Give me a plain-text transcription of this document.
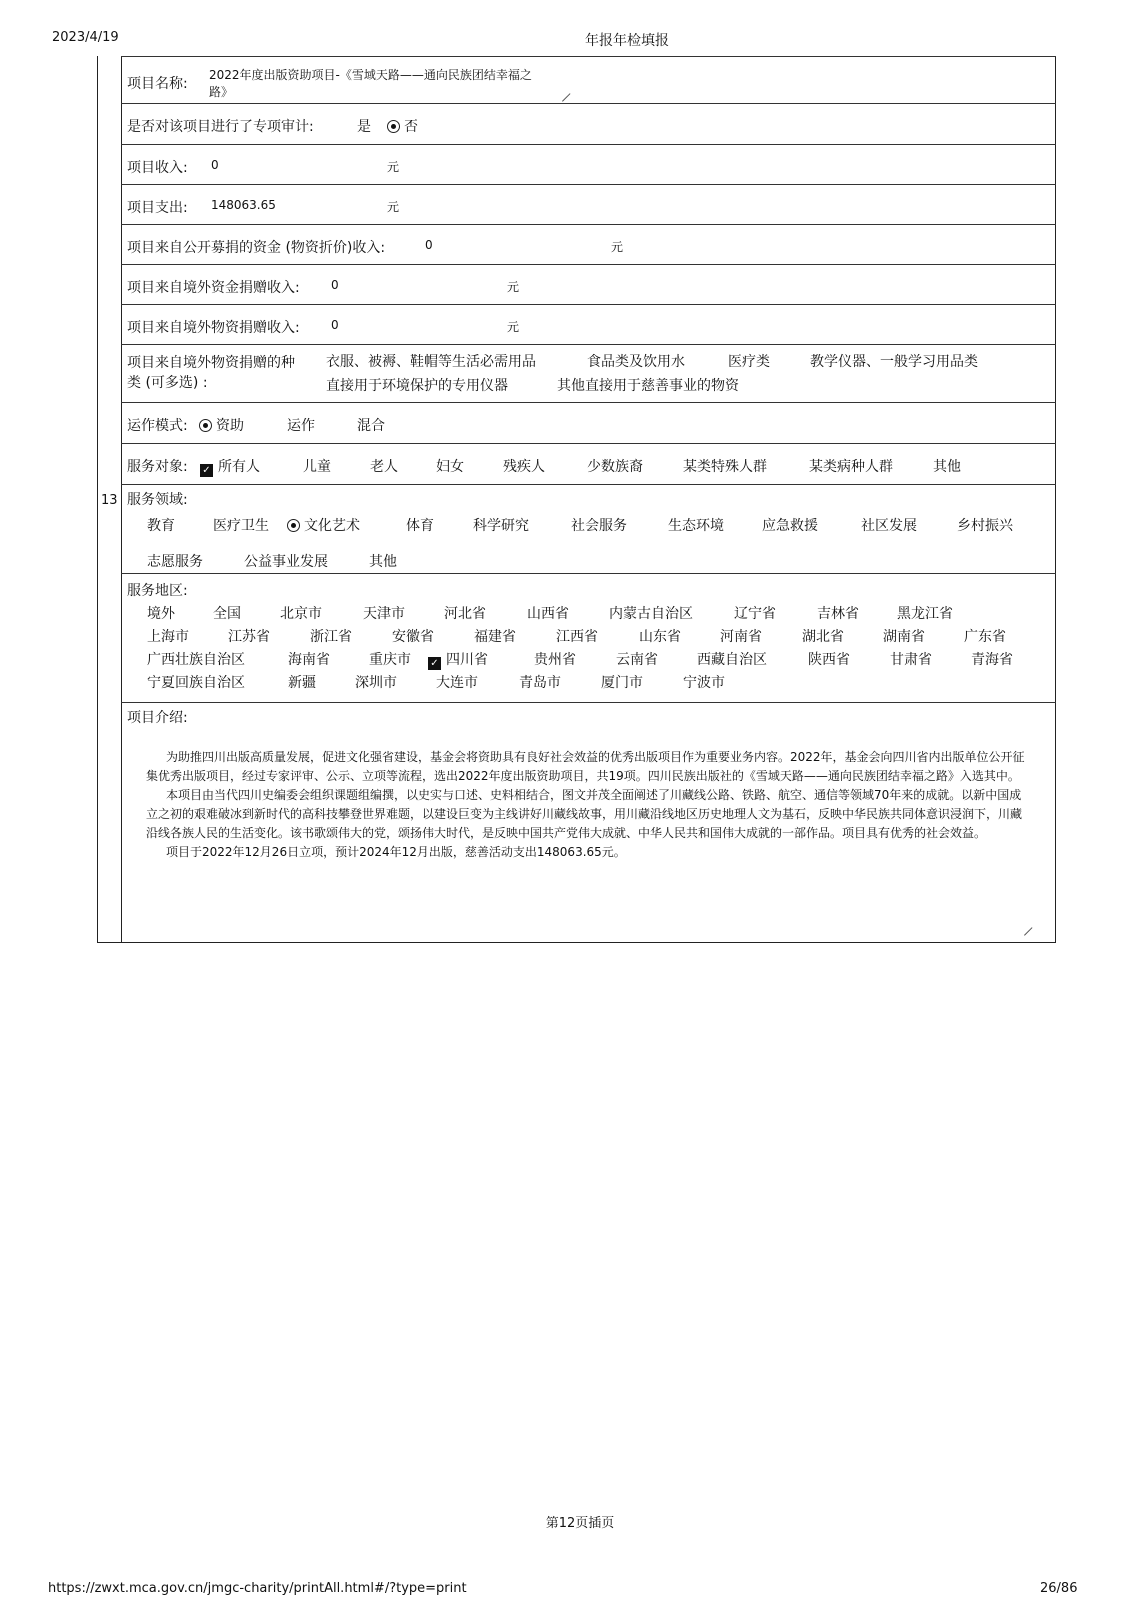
2023/4/19	年报年检填报
13
项目名称:
2022年度出版资助项目-《雪域天路——通向民族团结幸福之
路》
是否对该项目进行了专项审计:	是	否
项目收入: 0	元
项目支出: 148063.65	元
项目来自公开募捐的资金 (物资折价)收入:	0	元
项目来自境外资金捐赠收入:	0	元
项目来自境外物资捐赠收入:	0	元
项目来自境外物资捐赠的种
类 (可多选) :
衣服、被褥、鞋帽等生活必需用品	食品类及饮用水	医疗类	教学仪器、一般学习用品类
直接用于环境保护的专用仪器	其他直接用于慈善事业的物资
运作模式:	资助	运作	混合
服务对象: ✓ 所有人	儿童	老人	妇女	残疾人	少数族裔	某类特殊人群	某类病种人群	其他
服务领域:
教育	医疗卫生	文化艺术	体育	科学研究	社会服务	生态环境	应急救援	社区发展	乡村振兴
志愿服务	公益事业发展	其他
服务地区:
境外	全国	北京市	天津市	河北省	山西省	内蒙古自治区	辽宁省	吉林省	黑龙江省
上海市	江苏省	浙江省	安徽省	福建省	江西省	山东省	河南省	湖北省	湖南省	广东省
广西壮族自治区	海南省	重庆市 ✓ 四川省	贵州省	云南省	西藏自治区	陕西省	甘肃省	青海省
宁夏回族自治区	新疆	深圳市	大连市	青岛市	厦门市	宁波市
项目介绍:

为助推四川出版高质量发展，促进文化强省建设，基金会将资助具有良好社会效益的优秀出版项目作为重要业务内容。2022年，基金会向四川省内出版单位公开征集优秀出版项目，经过专家评审、公示、立项等流程，选出2022年度出版资助项目，共19项。四川民族出版社的《雪域天路——通向民族团结幸福之路》入选其中。

本项目由当代四川史编委会组织课题组编撰，以史实与口述、史料相结合，图文并茂全面阐述了川藏线公路、铁路、航空、通信等领域70年来的成就。以新中国成立之初的艰难破冰到新时代的高科技攀登世界难题，以建设巨变为主线讲好川藏线故事，用川藏沿线地区历史地理人文为基石，反映中华民族共同体意识浸润下，川藏沿线各族人民的生活变化。该书歌颂伟大的党，颂扬伟大时代，是反映中国共产党伟大成就、中华人民共和国伟大成就的一部作品。项目具有优秀的社会效益。

项目于2022年12月26日立项，预计2024年12月出版，慈善活动支出148063.65元。

第12页插页
https://zwxt.mca.gov.cn/jmgc-charity/printAll.html#/?type=print	26/86
